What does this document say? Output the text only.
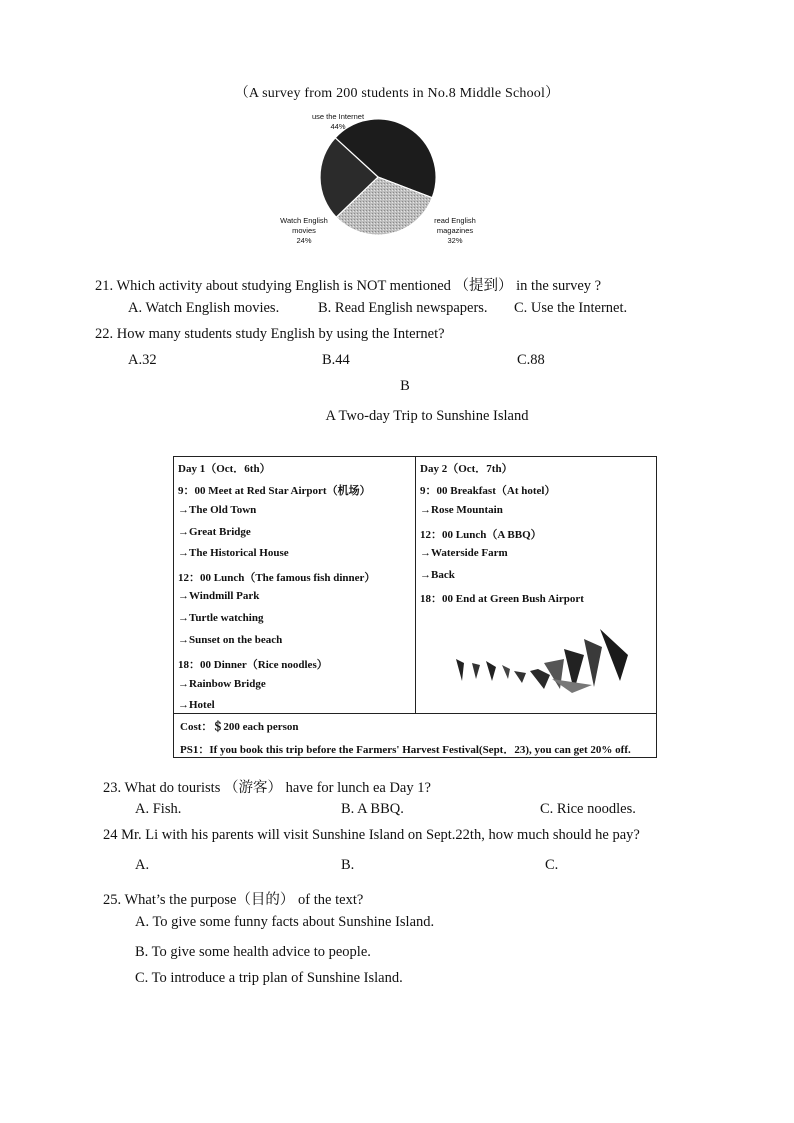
（A survey from 200 students in No.8 Middle School）
use the Internet
44%
read English
magazines
32%
Watch English
movies
24%
21. Which activity about studying English is NOT mentioned （提到） in the survey ?
A. Watch English movies.	B. Read English newspapers. C. Use the Internet.
22. How many students study English by using the Internet?
A.32	B.44	C.88
B
A Two-day Trip to Sunshine Island
Day 1（Oct．6th）
9：00 Meet at Red Star Airport（机场）
→The Old Town
→Great Bridge
→The Historical House
12：00 Lunch（The famous fish dinner）
→Windmill Park
→Turtle watching
→Sunset on the beach
18：00 Dinner（Rice noodles）
→Rainbow Bridge
→Hotel
Day 2（Oct．7th）
9：00 Breakfast（At hotel）
→Rose Mountain
12：00 Lunch（A BBQ）
→Waterside Farm
→Back
18：00 End at Green Bush Airport
Cost：＄200 each person
PS1：If you book this trip before the Farmers' Harvest Festival(Sept．23), you can get 20% off.
23. What do tourists （游客） have for lunch ea Day 1?
A. Fish.	B. A BBQ.	C. Rice noodles.
24 Mr. Li with his parents will visit Sunshine Island on Sept.22th, how much should he pay?
A.	B.	C.
25. What’s the purpose（目的） of the text?
A. To give some funny facts about Sunshine Island.
B. To give some health advice to people.
C. To introduce a trip plan of Sunshine Island.
